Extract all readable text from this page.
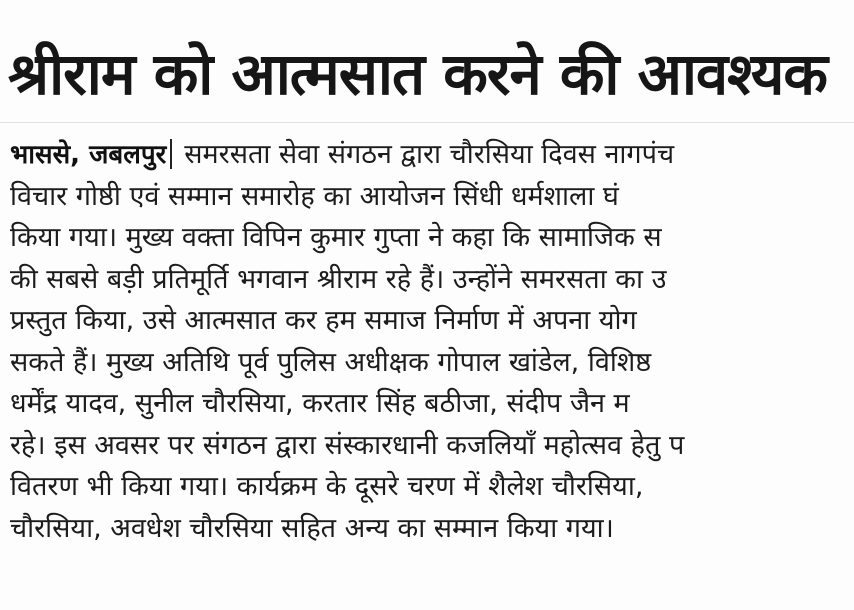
श्रीराम को आत्मसात करने की आवश्यक
भाससे, जबलपुर समरसता सेवा संगठन द्वारा चौरसिया दिवस नागपंच
विचार गोष्ठी एवं सम्मान समारोह का आयोजन सिंधी धर्मशाला घं
किया गया। मुख्य वक्ता विपिन कुमार गुप्ता ने कहा कि सामाजिक स
की सबसे बड़ी प्रतिमूर्ति भगवान श्रीराम रहे हैं। उन्होंने समरसता का उ
प्रस्तुत किया, उसे आत्मसात कर हम समाज निर्माण में अपना योग
सकते हैं। मुख्य अतिथि पूर्व पुलिस अधीक्षक गोपाल खांडेल, विशिष्ठ
धर्मेंद्र यादव, सुनील चौरसिया, करतार सिंह बठीजा, संदीप जैन म
रहे। इस अवसर पर संगठन द्वारा संस्कारधानी कजलियाँ महोत्सव हेतु प
वितरण भी किया गया। कार्यक्रम के दूसरे चरण में शैलेश चौरसिया,
चौरसिया, अवधेश चौरसिया सहित अन्य का सम्मान किया गया।
